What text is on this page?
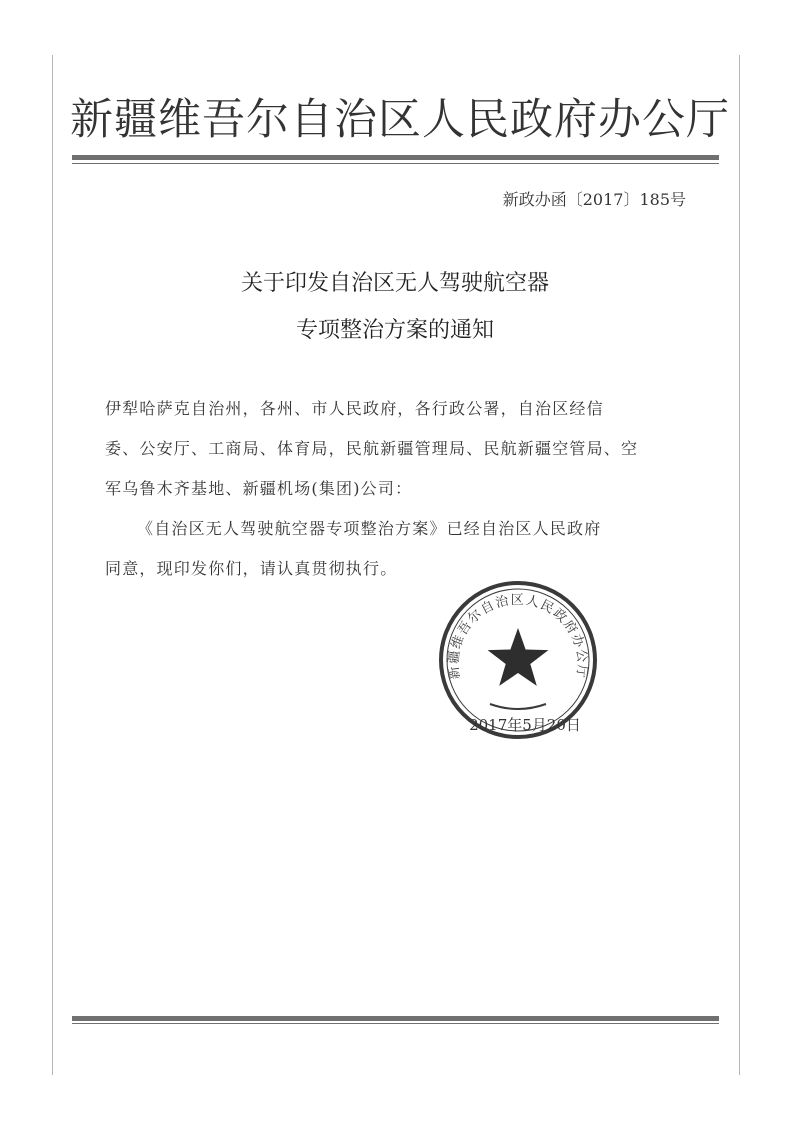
新疆维吾尔自治区人民政府办公厅
新政办函〔2017〕185号
关于印发自治区无人驾驶航空器
专项整治方案的通知
伊犁哈萨克自治州，各州、市人民政府，各行政公署，自治区经信
委、公安厅、工商局、体育局，民航新疆管理局、民航新疆空管局、空
军乌鲁木齐基地、新疆机场(集团)公司：
《自治区无人驾驶航空器专项整治方案》已经自治区人民政府
同意，现印发你们，请认真贯彻执行。
新疆维吾尔自治区人民政府办公厅
2017年5月20日
